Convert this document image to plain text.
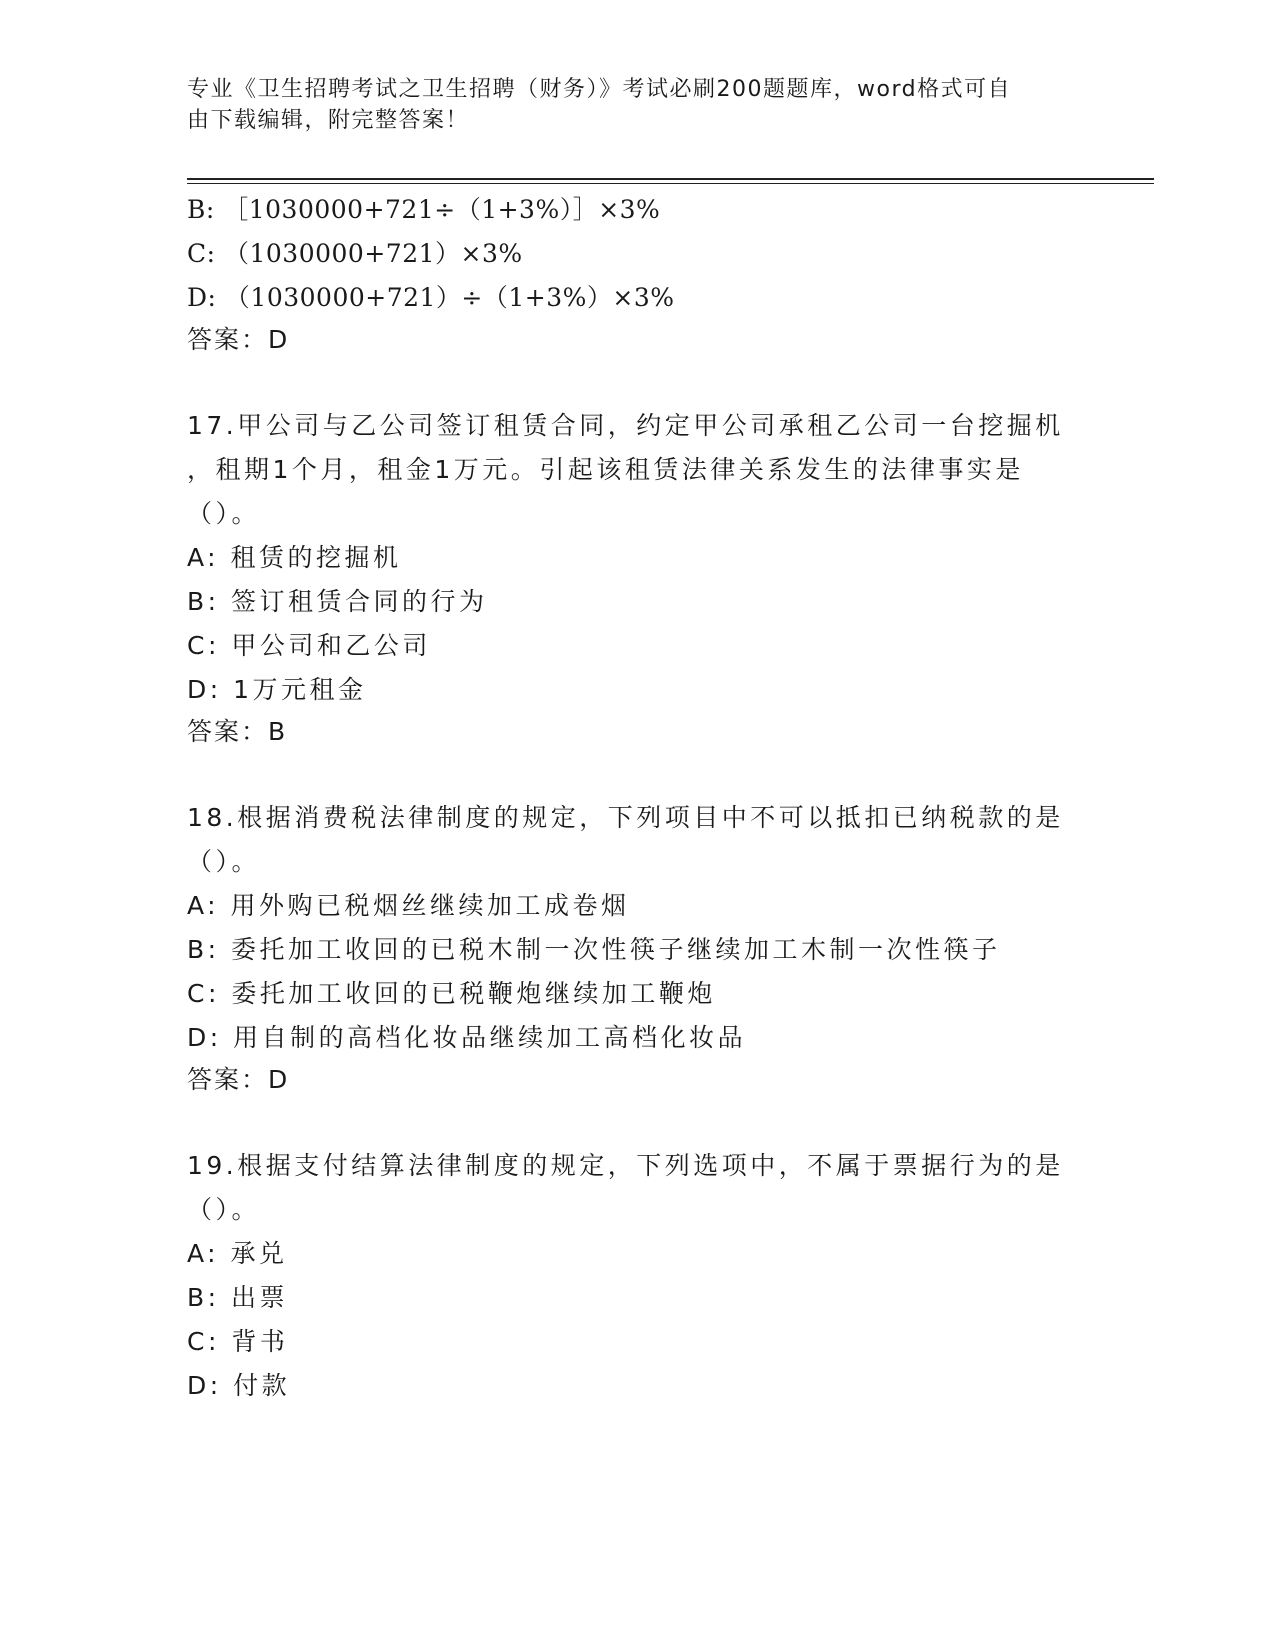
专业《卫生招聘考试之卫生招聘（财务）》考试必刷200题题库，word格式可自
由下载编辑，附完整答案！
B: ［1030000+721÷（1+3%）］×3%
C: （1030000+721）×3%
D: （1030000+721）÷（1+3%）×3%
答案：D
17.甲公司与乙公司签订租赁合同，约定甲公司承租乙公司一台挖掘机
，租期1个月，租金1万元。引起该租赁法律关系发生的法律事实是
（）。
A: 租赁的挖掘机
B: 签订租赁合同的行为
C: 甲公司和乙公司
D: 1万元租金
答案：B
18.根据消费税法律制度的规定，下列项目中不可以抵扣已纳税款的是
（）。
A: 用外购已税烟丝继续加工成卷烟
B: 委托加工收回的已税木制一次性筷子继续加工木制一次性筷子
C: 委托加工收回的已税鞭炮继续加工鞭炮
D: 用自制的高档化妆品继续加工高档化妆品
答案：D
19.根据支付结算法律制度的规定，下列选项中，不属于票据行为的是
（）。
A: 承兑
B: 出票
C: 背书
D: 付款
